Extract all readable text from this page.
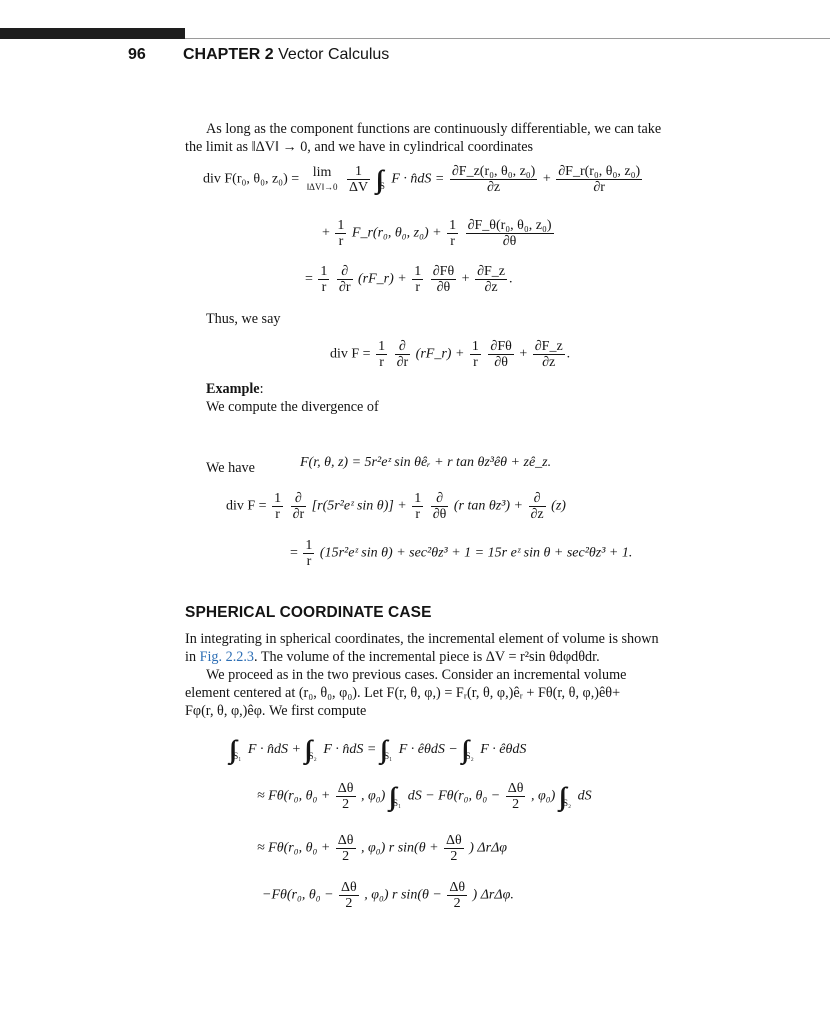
96 CHAPTER 2 Vector Calculus
As long as the component functions are continuously differentiable, we can take
the limit as ‖ΔV‖ → 0, and we have in cylindrical coordinates
div F(r₀, θ₀, z₀) = lim
‖ΔV‖→0
$\frac{1}{\Delta V}$ ∫∫ $_S$ F · n̂dS = $\frac{\text{∂F\_z(r₀, θ₀, z₀)}}{\partial z} + \frac{\text{∂F\_r(r₀, θ₀, z₀)}}{\partial r}$
+ $\frac{1}{r}$ F_r(r₀, θ₀, $z_0) + \frac{1}{r}$
$\frac{\text{∂F\_θ(r₀, θ₀, z₀)}}{\partial\theta}$
= $\frac{1}{r}$
$\frac{\partial}{\partial r}$ (rF_r) + $\frac{1}{r}$
$\frac{\partial F\theta}{\partial\theta} + \frac{\partial F\_z}{\partial z}$ .
Thus, we say
div $F = \frac{1}{r}$
$\frac{\partial}{\partial r}$ (rF_r) + $\frac{1}{r}$
$\frac{\partial F\theta}{\partial\theta} + \frac{\partial F\_z}{\partial z}$ .
Example:
We compute the divergence of
F(r, θ, z) = 5r²eᶻ sin θêᵣ + r tan θz³êθ + zê_z.
We have
div $F = \frac{1}{r}$
$\frac{\partial}{\partial r}$ [r(5r²eᶻ $\sin \theta)] + \frac{1}{r}$
$\frac{\partial}{\partial\theta} (r$ $\tan \theta z^3) + \frac{\partial}{\partial z} (z)$
= $\frac{1}{r}$ (15r²eᶻ sin θ) + sec²θz³ + 1 = 15r eᶻ sin θ + sec²θz³ + 1.
SPHERICAL COORDINATE CASE
In integrating in spherical coordinates, the incremental element of volume is shown
in Fig. 2.2.3. The volume of the incremental piece is ΔV = r²sin θdφdθdr.
We proceed as in the two previous cases. Consider an incremental volume
element centered at (r₀, θ₀, φ₀). Let F(r, θ, φ,) = Fᵣ(r, θ, φ,)êᵣ + Fθ(r, θ, φ,)êθ+
Fφ(r, θ, φ,)êφ. We first compute
∫∫ $_{S_1}$ F · n̂dS + ∫∫ $_{S_2}$ F · n̂dS = ∫∫ $_{S_1}$ F · êθdS − ∫∫ $_{S_2}$ F · êθdS
≈ Fθ(r₀, $\theta_0 + \frac{\Delta\theta}{2}$ , φ₀) ∫∫ $_{S_1}$ dS − Fθ(r₀, $\theta_0 - \frac{\Delta\theta}{2}$ , φ₀) ∫∫ $_{S_2}$ dS
≈ Fθ(r₀, $\theta_0 + \frac{\Delta\theta}{2}$ , φ₀) r $\sin(\theta + \frac{\Delta\theta}{2}$ ) ΔrΔφ
−Fθ(r₀, $\theta_0 - \frac{\Delta\theta}{2}$ , φ₀) r $\sin(\theta - \frac{\Delta\theta}{2}$ ) ΔrΔφ.
